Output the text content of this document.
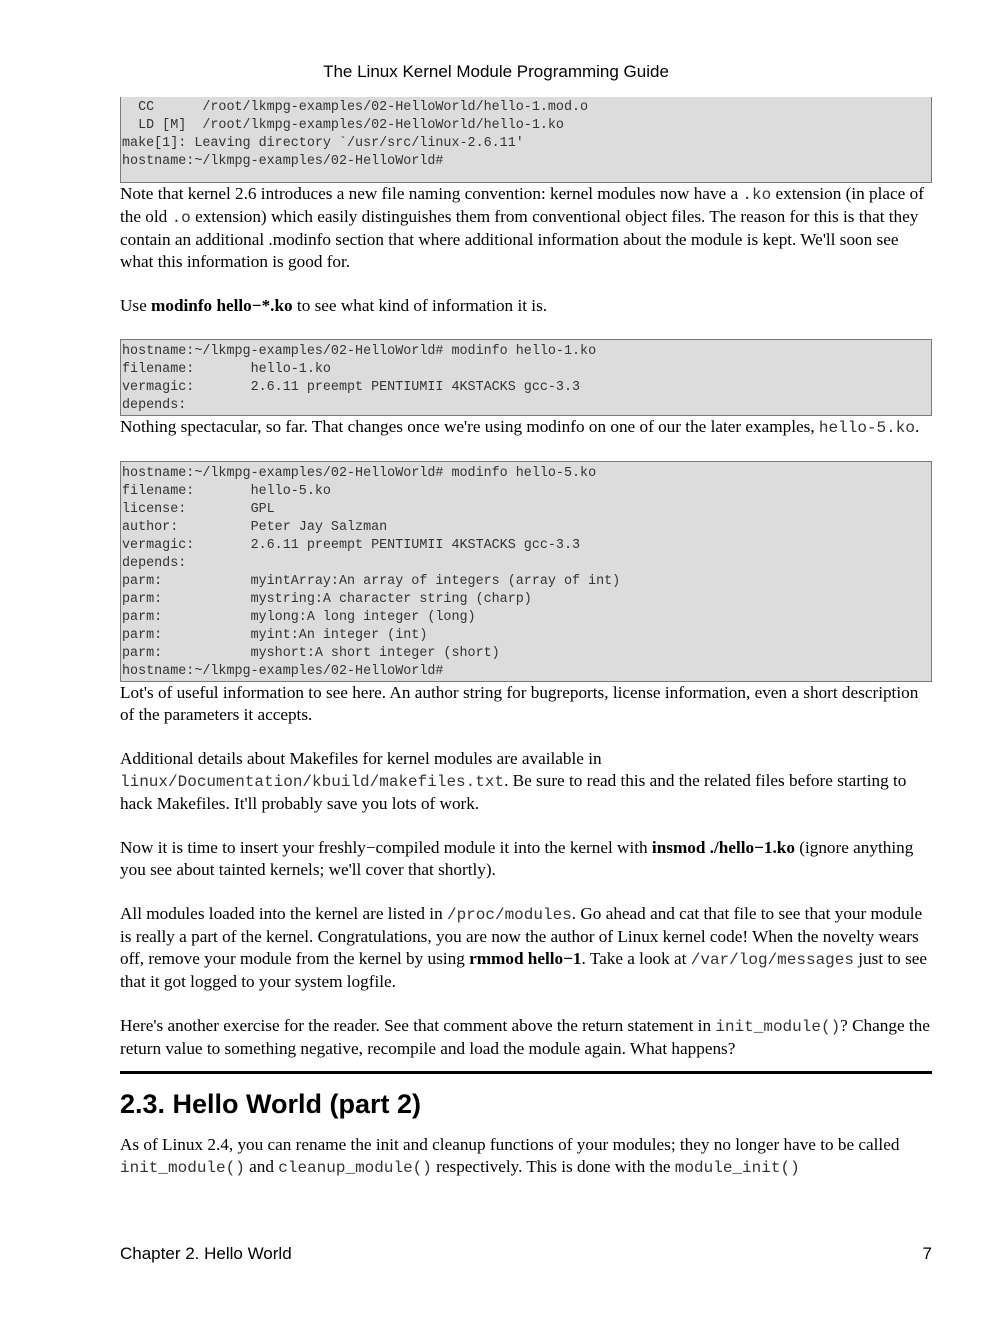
The Linux Kernel Module Programming Guide
CC      /root/lkmpg-examples/02-HelloWorld/hello-1.mod.o
LD [M]  /root/lkmpg-examples/02-HelloWorld/hello-1.ko
make[1]: Leaving directory `/usr/src/linux-2.6.11'
hostname:~/lkmpg-examples/02-HelloWorld#

Note that kernel 2.6 introduces a new file naming convention: kernel modules now have a .ko extension (in place of the old .o extension) which easily distinguishes them from conventional object files. The reason for this is that they contain an additional .modinfo section that where additional information about the module is kept. We'll soon see what this information is good for.

Use modinfo hello−*.ko to see what kind of information it is.

hostname:~/lkmpg-examples/02-HelloWorld# modinfo hello-1.ko
filename:       hello-1.ko
vermagic:       2.6.11 preempt PENTIUMII 4KSTACKS gcc-3.3
depends:

Nothing spectacular, so far. That changes once we're using modinfo on one of our the later examples, hello-5.ko.

hostname:~/lkmpg-examples/02-HelloWorld# modinfo hello-5.ko
filename:       hello-5.ko
license:        GPL
author:         Peter Jay Salzman
vermagic:       2.6.11 preempt PENTIUMII 4KSTACKS gcc-3.3
depends:
parm:           myintArray:An array of integers (array of int)
parm:           mystring:A character string (charp)
parm:           mylong:A long integer (long)
parm:           myint:An integer (int)
parm:           myshort:A short integer (short)
hostname:~/lkmpg-examples/02-HelloWorld#

Lot's of useful information to see here. An author string for bugreports, license information, even a short description of the parameters it accepts.

Additional details about Makefiles for kernel modules are available in linux/Documentation/kbuild/makefiles.txt. Be sure to read this and the related files before starting to hack Makefiles. It'll probably save you lots of work.

Now it is time to insert your freshly−compiled module it into the kernel with insmod ./hello−1.ko (ignore anything you see about tainted kernels; we'll cover that shortly).

All modules loaded into the kernel are listed in /proc/modules. Go ahead and cat that file to see that your module is really a part of the kernel. Congratulations, you are now the author of Linux kernel code! When the novelty wears off, remove your module from the kernel by using rmmod hello−1. Take a look at /var/log/messages just to see that it got logged to your system logfile.

Here's another exercise for the reader. See that comment above the return statement in init_module()? Change the return value to something negative, recompile and load the module again. What happens?

2.3. Hello World (part 2)

As of Linux 2.4, you can rename the init and cleanup functions of your modules; they no longer have to be called init_module() and cleanup_module() respectively. This is done with the module_init()

Chapter 2. Hello World	7
